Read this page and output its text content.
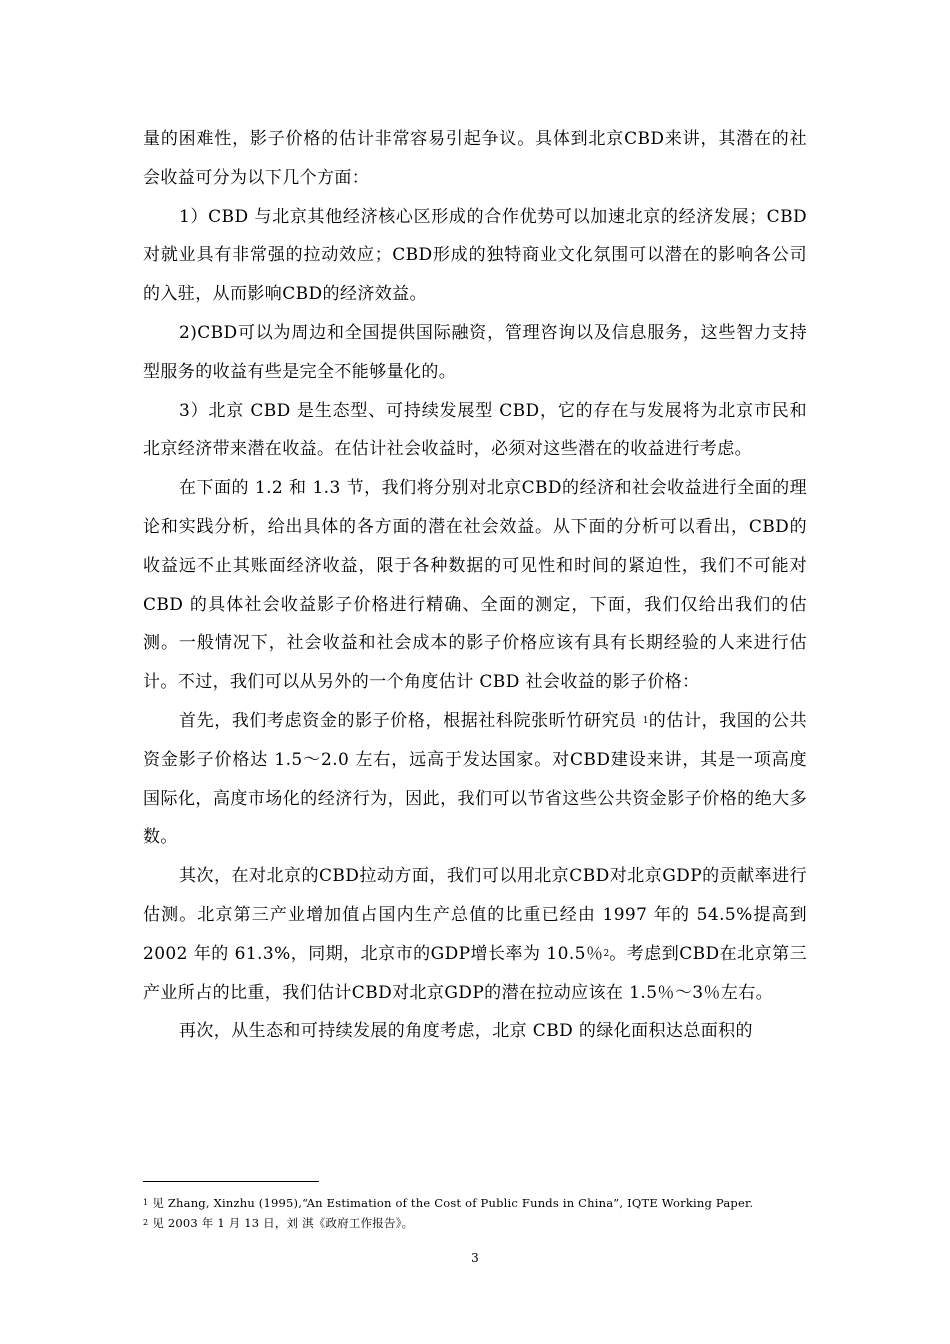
量的困难性，影子价格的估计非常容易引起争议。具体到北京CBD来讲，其潜在的社会收益可分为以下几个方面：

1）CBD 与北京其他经济核心区形成的合作优势可以加速北京的经济发展；CBD对就业具有非常强的拉动效应；CBD形成的独特商业文化氛围可以潜在的影响各公司的入驻，从而影响CBD的经济效益。

2)CBD可以为周边和全国提供国际融资，管理咨询以及信息服务，这些智力支持型服务的收益有些是完全不能够量化的。

3）北京 CBD 是生态型、可持续发展型 CBD，它的存在与发展将为北京市民和北京经济带来潜在收益。在估计社会收益时，必须对这些潜在的收益进行考虑。

在下面的 1.2 和 1.3 节，我们将分别对北京CBD的经济和社会收益进行全面的理论和实践分析，给出具体的各方面的潜在社会效益。从下面的分析可以看出，CBD的收益远不止其账面经济收益，限于各种数据的可见性和时间的紧迫性，我们不可能对 CBD 的具体社会收益影子价格进行精确、全面的测定，下面，我们仅给出我们的估测。一般情况下，社会收益和社会成本的影子价格应该有具有长期经验的人来进行估计。不过，我们可以从另外的一个角度估计 CBD 社会收益的影子价格：

首先，我们考虑资金的影子价格，根据社科院张昕竹研究员 $^1$的估计，我国的公共资金影子价格达 1.5～2.0 左右，远高于发达国家。对CBD建设来讲，其是一项高度国际化，高度市场化的经济行为，因此，我们可以节省这些公共资金影子价格的绝大多数。

其次，在对北京的CBD拉动方面，我们可以用北京CBD对北京GDP的贡献率进行估测。北京第三产业增加值占国内生产总值的比重已经由 1997 年的 54.5%提高到 2002 年的 61.3%，同期，北京市的GDP增长率为 10.5％$^2$。考虑到CBD在北京第三产业所占的比重，我们估计CBD对北京GDP的潜在拉动应该在 1.5％～3％左右。

再次，从生态和可持续发展的角度考虑，北京 CBD 的绿化面积达总面积的

$^1$ 见 Zhang, Xinzhu (1995),“An Estimation of the Cost of Public Funds in China”, IQTE Working Paper.
$^2$ 见 2003 年 1 月 13 日，刘 淇《政府工作报告》。
3
